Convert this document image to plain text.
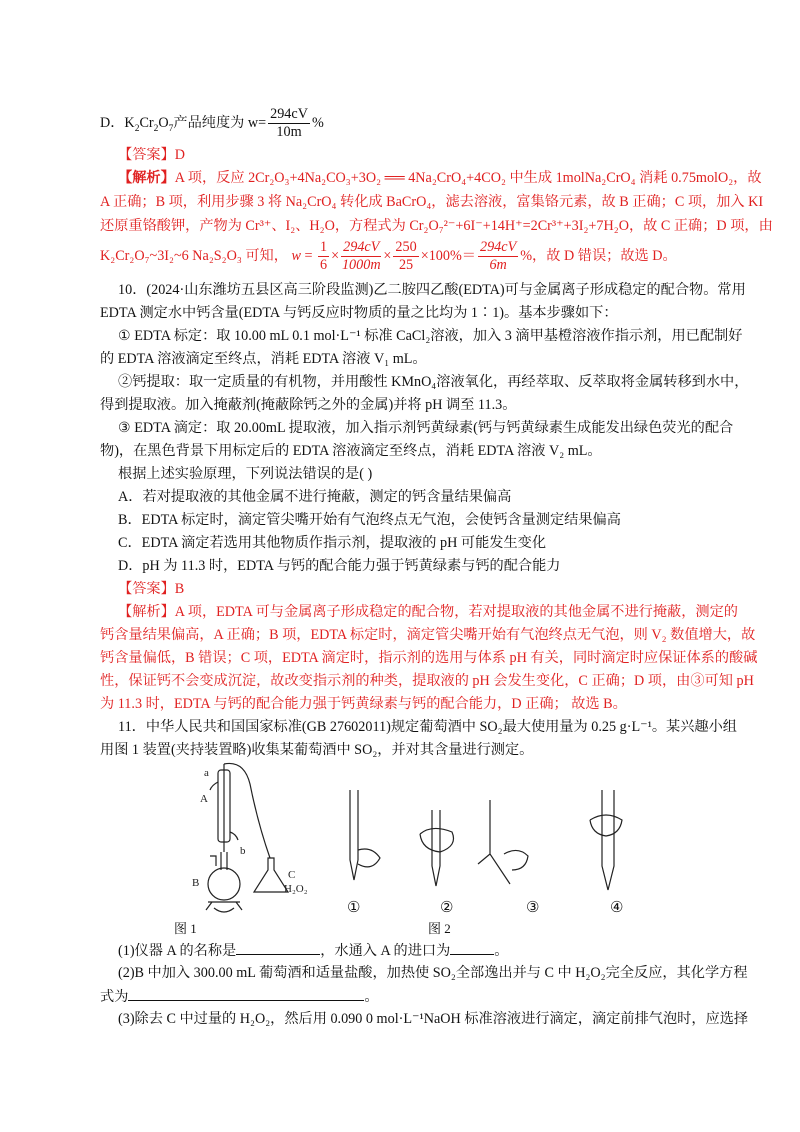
D．$K_2Cr_2O_7$产品纯度为 $w= \frac{294cV}{10m}$ %
【答案】D
【解析】A 项，反应 2Cr₂O₃+4Na₂CO₃+3O₂ ══ 4Na₂CrO₄+4CO₂ 中生成 1molNa₂CrO₄ 消耗 0.75molO₂，故
A 正确；B 项，利用步骤 3 将 Na₂CrO₄ 转化成 BaCrO₄，滤去溶液，富集铬元素，故 B 正确；C 项，加入 KI
还原重铬酸钾，产物为 Cr³⁺、I₂、H₂O，方程式为 Cr₂O₇²⁻+6I⁻+14H⁺=2Cr³⁺+3I₂+7H₂O，故 C 正确；D 项，由
K₂Cr₂O₇~3I₂~6 Na₂S₂O₃ 可知， $w = \frac{1}{6} \times \frac{294cV}{1000m} \times \frac{250}{25} \times 100\%= \frac{294cV}{6m}$ %，故 D 错误；故选 D。
10．(2024·山东潍坊五县区高三阶段监测)乙二胺四乙酸(EDTA)可与金属离子形成稳定的配合物。常用
EDTA 测定水中钙含量(EDTA 与钙反应时物质的量之比均为 1∶1)。基本步骤如下：
① EDTA 标定：取 10.00 mL 0.1 mol·L⁻¹ 标准 CaCl₂溶液，加入 3 滴甲基橙溶液作指示剂，用已配制好
的 EDTA 溶液滴定至终点，消耗 EDTA 溶液 V₁ mL。
②钙提取：取一定质量的有机物，并用酸性 KMnO₄溶液氧化，再经萃取、反萃取将金属转移到水中，
得到提取液。加入掩蔽剂(掩蔽除钙之外的金属)并将 pH 调至 11.3。
③ EDTA 滴定：取 20.00mL 提取液，加入指示剂钙黄绿素(钙与钙黄绿素生成能发出绿色荧光的配合
物)，在黑色背景下用标定后的 EDTA 溶液滴定至终点，消耗 EDTA 溶液 V₂ mL。
根据上述实验原理，下列说法错误的是( )
A．若对提取液的其他金属不进行掩蔽，测定的钙含量结果偏高
B．EDTA 标定时，滴定管尖嘴开始有气泡终点无气泡，会使钙含量测定结果偏高
C．EDTA 滴定若选用其他物质作指示剂，提取液的 pH 可能发生变化
D．pH 为 11.3 时，EDTA 与钙的配合能力强于钙黄绿素与钙的配合能力
【答案】B
【解析】A 项，EDTA 可与金属离子形成稳定的配合物，若对提取液的其他金属不进行掩蔽，测定的
钙含量结果偏高，A 正确；B 项，EDTA 标定时，滴定管尖嘴开始有气泡终点无气泡，则 V₂ 数值增大，故
钙含量偏低，B 错误；C 项，EDTA 滴定时，指示剂的选用与体系 pH 有关，同时滴定时应保证体系的酸碱
性，保证钙不会变成沉淀，故改变指示剂的种类，提取液的 pH 会发生变化，C 正确；D 项，由③可知 pH
为 11.3 时，EDTA 与钙的配合能力强于钙黄绿素与钙的配合能力，D 正确； 故选 B。
11．中华人民共和国国家标准(GB 27602011)规定葡萄酒中 SO₂最大使用量为 0.25 g·L⁻¹。某兴趣小组
用图 1 装置(夹持装置略)收集某葡萄酒中 SO₂，并对其含量进行测定。
a
A
b
B
C
H₂O₂
图 1	图 2
①	②	③	④
(1)仪器 A 的名称是	，水通入 A 的进口为	。
(2)B 中加入 300.00 mL 葡萄酒和适量盐酸，加热使 SO₂全部逸出并与 C 中 H₂O₂完全反应，其化学方程
式为	。
(3)除去 C 中过量的 H₂O₂，然后用 0.090 0 mol·L⁻¹NaOH 标准溶液进行滴定，滴定前排气泡时，应选择
